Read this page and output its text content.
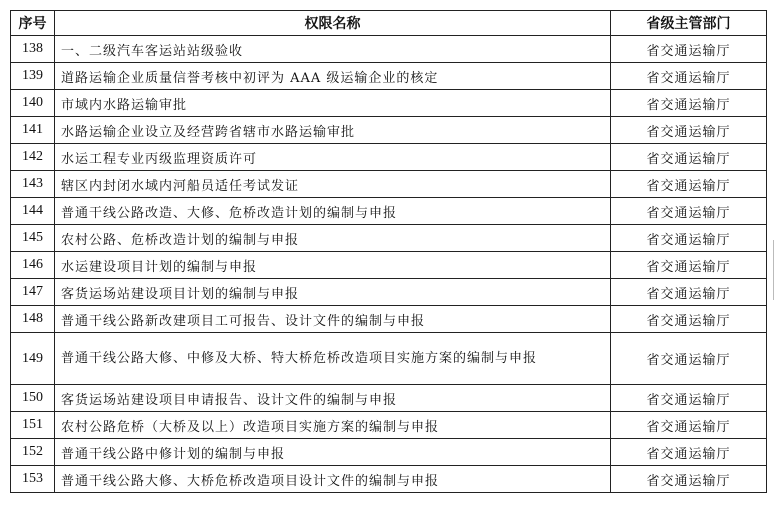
序号	权限名称	省级主管部门
138	一、二级汽车客运站站级验收	省交通运输厅
139	道路运输企业质量信誉考核中初评为 AAA 级运输企业的核定	省交通运输厅
140	市域内水路运输审批	省交通运输厅
141	水路运输企业设立及经营跨省辖市水路运输审批	省交通运输厅
142	水运工程专业丙级监理资质许可	省交通运输厅
143	辖区内封闭水域内河船员适任考试发证	省交通运输厅
144	普通干线公路改造、大修、危桥改造计划的编制与申报	省交通运输厅
145	农村公路、危桥改造计划的编制与申报	省交通运输厅
146	水运建设项目计划的编制与申报	省交通运输厅
147	客货运场站建设项目计划的编制与申报	省交通运输厅
148	普通干线公路新改建项目工可报告、设计文件的编制与申报	省交通运输厅
149	普通干线公路大修、中修及大桥、特大桥危桥改造项目实施方案的编制与申报	省交通运输厅
150	客货运场站建设项目申请报告、设计文件的编制与申报	省交通运输厅
151	农村公路危桥（大桥及以上）改造项目实施方案的编制与申报	省交通运输厅
152	普通干线公路中修计划的编制与申报	省交通运输厅
153	普通干线公路大修、大桥危桥改造项目设计文件的编制与申报	省交通运输厅
